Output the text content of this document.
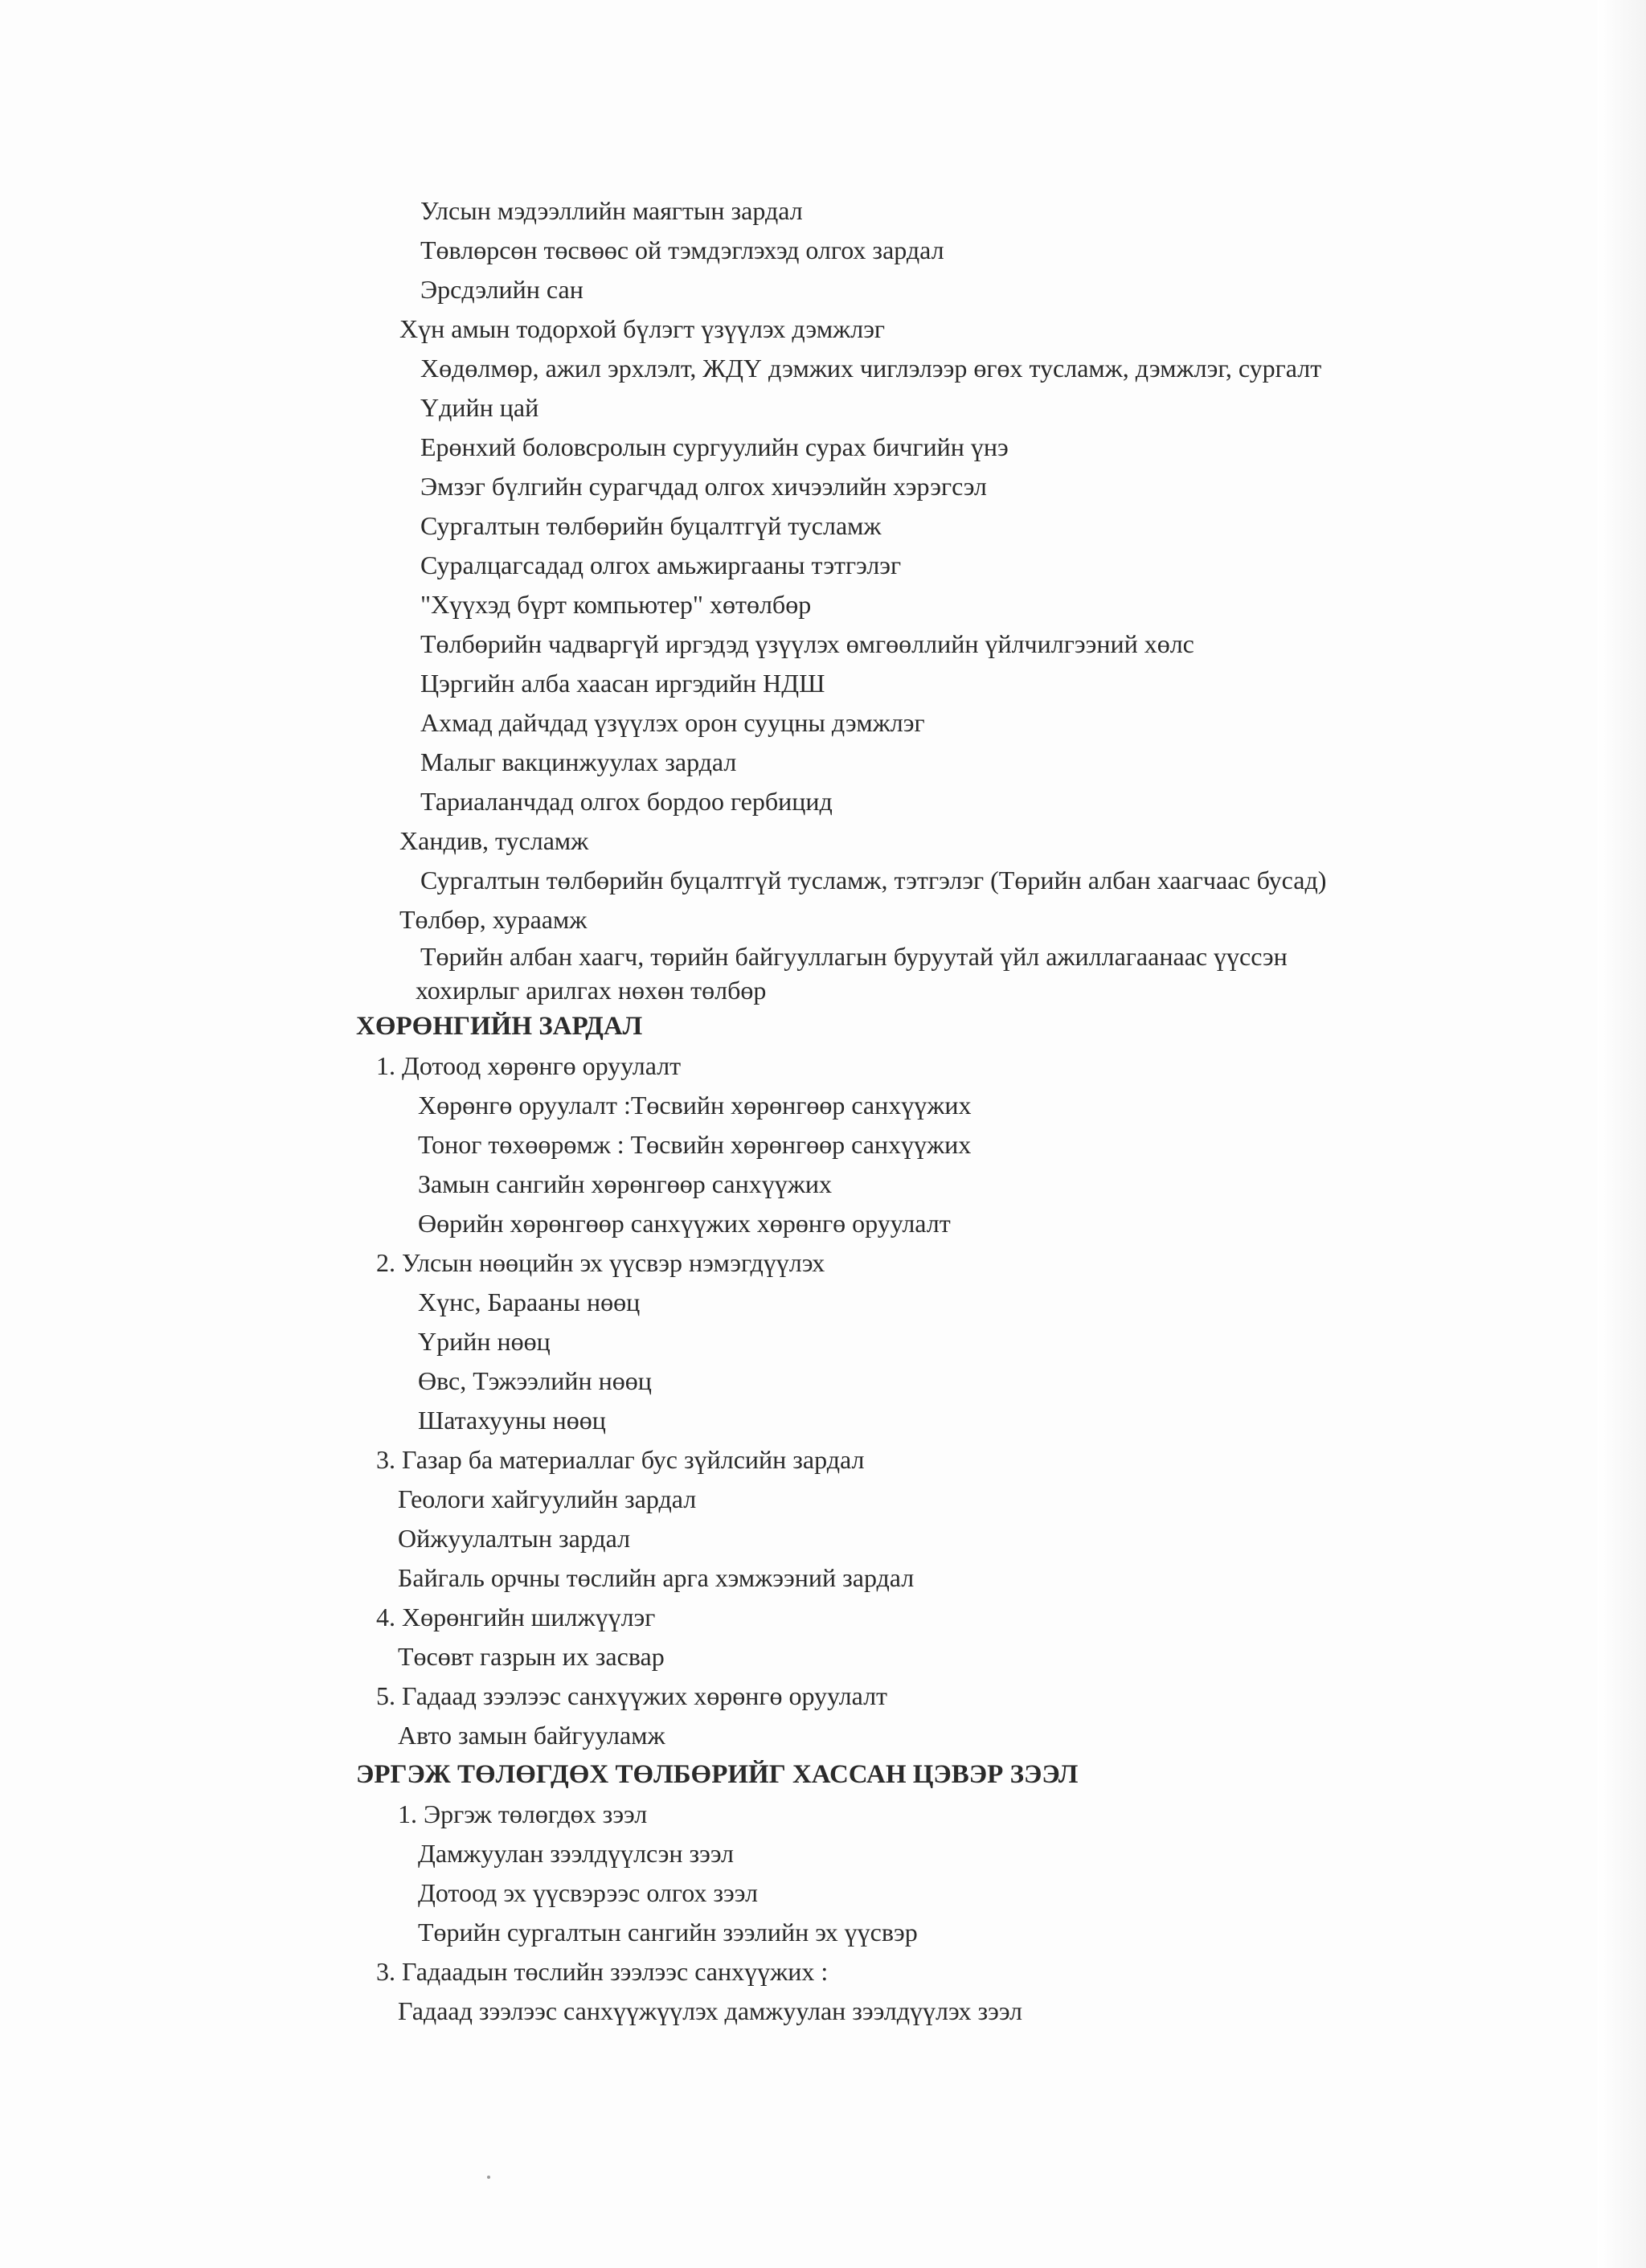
Улсын мэдээллийн маягтын зардал
Төвлөрсөн төсвөөс ой тэмдэглэхэд олгох зардал
Эрсдэлийн сан
Хүн амын тодорхой бүлэгт үзүүлэх дэмжлэг
Хөдөлмөр, ажил эрхлэлт, ЖДҮ дэмжих чиглэлээр өгөх тусламж, дэмжлэг, сургалт
Үдийн цай
Ерөнхий боловсролын сургуулийн сурах бичгийн үнэ
Эмзэг бүлгийн сурагчдад олгох хичээлийн хэрэгсэл
Сургалтын төлбөрийн буцалтгүй тусламж
Суралцагсадад олгох амьжиргааны тэтгэлэг
"Хүүхэд бүрт компьютер" хөтөлбөр
Төлбөрийн чадваргүй иргэдэд үзүүлэх өмгөөллийн үйлчилгээний хөлс
Цэргийн алба хаасан иргэдийн НДШ
Ахмад дайчдад үзүүлэх орон сууцны дэмжлэг
Малыг вакцинжуулах зардал
Тариаланчдад олгох бордоо гербицид
Хандив, тусламж
Сургалтын төлбөрийн буцалтгүй тусламж, тэтгэлэг (Төрийн албан хаагчаас бусад)
Төлбөр, хураамж
Төрийн албан хаагч, төрийн байгууллагын буруутай үйл ажиллагаанаас үүссэн
хохирлыг арилгах нөхөн төлбөр
ХӨРӨНГИЙН ЗАРДАЛ
1. Дотоод хөрөнгө оруулалт
Хөрөнгө оруулалт :Төсвийн хөрөнгөөр санхүүжих
Тоног төхөөрөмж : Төсвийн хөрөнгөөр санхүүжих
Замын сангийн хөрөнгөөр санхүүжих
Өөрийн хөрөнгөөр санхүүжих хөрөнгө оруулалт
2. Улсын нөөцийн эх үүсвэр нэмэгдүүлэх
Хүнс, Барааны нөөц
Үрийн нөөц
Өвс, Тэжээлийн нөөц
Шатахууны нөөц
3. Газар ба материаллаг бус зүйлсийн зардал
Геологи хайгуулийн зардал
Ойжуулалтын зардал
Байгаль орчны төслийн арга хэмжээний зардал
4. Хөрөнгийн шилжүүлэг
Төсөвт газрын их засвар
5. Гадаад зээлээс санхүүжих хөрөнгө оруулалт
Авто замын байгууламж
ЭРГЭЖ ТӨЛӨГДӨХ ТӨЛБӨРИЙГ ХАССАН ЦЭВЭР ЗЭЭЛ
1. Эргэж төлөгдөх зээл
Дамжуулан зээлдүүлсэн зээл
Дотоод эх үүсвэрээс олгох зээл
Төрийн сургалтын сангийн зээлийн эх үүсвэр
3. Гадаадын төслийн зээлээс санхүүжих :
Гадаад зээлээс санхүүжүүлэх дамжуулан зээлдүүлэх зээл
